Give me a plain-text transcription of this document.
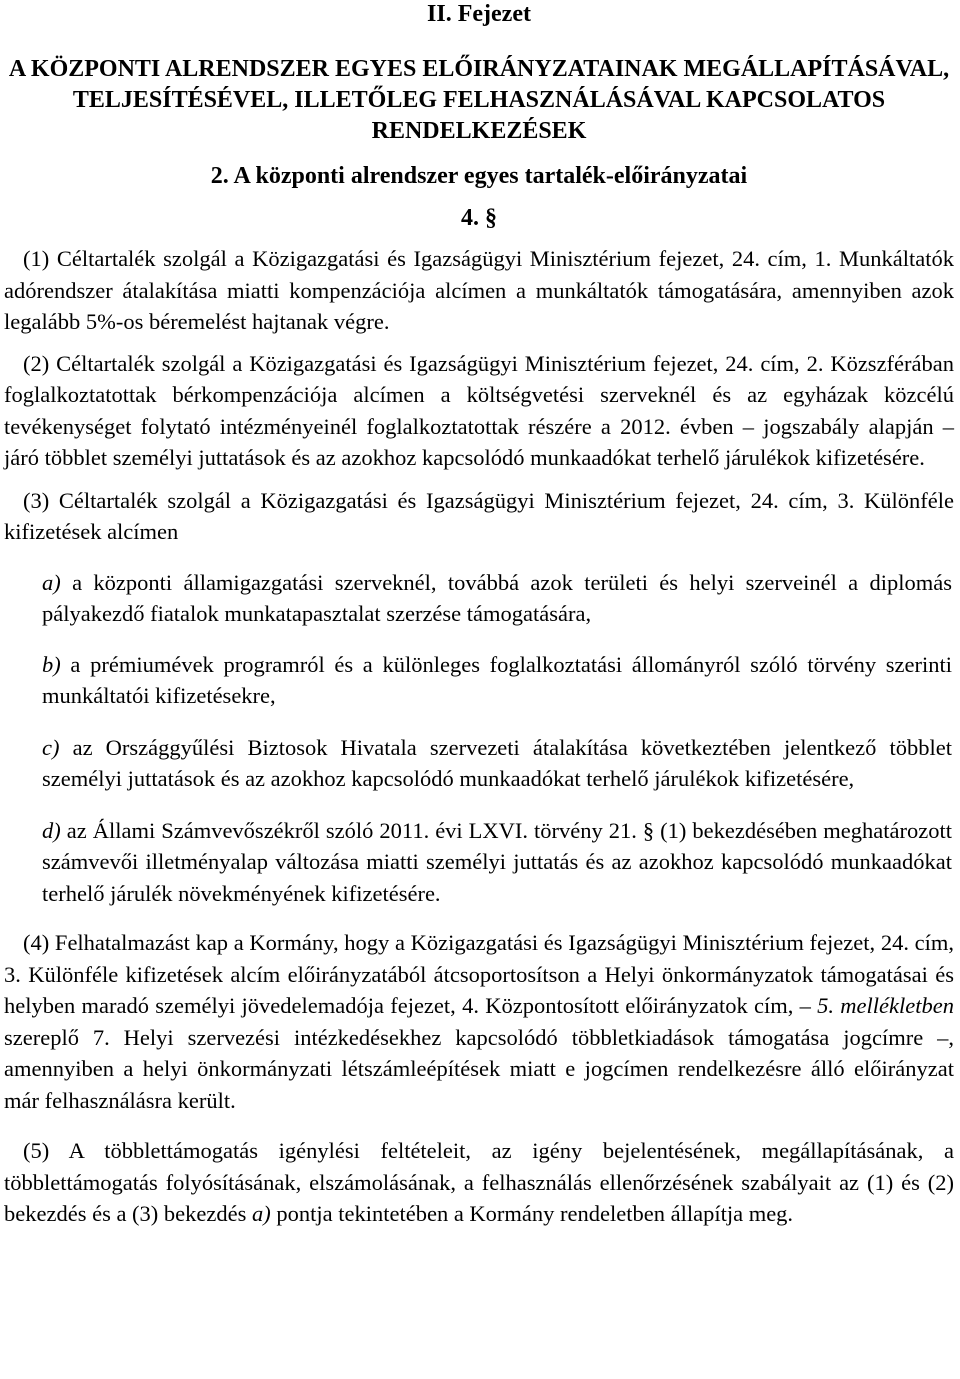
II. Fejezet
A KÖZPONTI ALRENDSZER EGYES ELŐIRÁNYZATAINAK MEGÁLLAPÍTÁSÁVAL, TELJESÍTÉSÉVEL, ILLETŐLEG FELHASZNÁLÁSÁVAL KAPCSOLATOS RENDELKEZÉSEK
2. A központi alrendszer egyes tartalék-előirányzatai
4. §

(1) Céltartalék szolgál a Közigazgatási és Igazságügyi Minisztérium fejezet, 24. cím, 1. Munkáltatók adórendszer átalakítása miatti kompenzációja alcímen a munkáltatók támogatására, amennyiben azok legalább 5%-os béremelést hajtanak végre.

(2) Céltartalék szolgál a Közigazgatási és Igazságügyi Minisztérium fejezet, 24. cím, 2. Közszférában foglalkoztatottak bérkompenzációja alcímen a költségvetési szerveknél és az egyházak közcélú tevékenységet folytató intézményeinél foglalkoztatottak részére a 2012. évben – jogszabály alapján – járó többlet személyi juttatások és az azokhoz kapcsolódó munkaadókat terhelő járulékok kifizetésére.

(3) Céltartalék szolgál a Közigazgatási és Igazságügyi Minisztérium fejezet, 24. cím, 3. Különféle kifizetések alcímen

a) a központi államigazgatási szerveknél, továbbá azok területi és helyi szerveinél a diplomás pályakezdő fiatalok munkatapasztalat szerzése támogatására,
b) a prémiumévek programról és a különleges foglalkoztatási állományról szóló törvény szerinti munkáltatói kifizetésekre,
c) az Országgyűlési Biztosok Hivatala szervezeti átalakítása következtében jelentkező többlet személyi juttatások és az azokhoz kapcsolódó munkaadókat terhelő járulékok kifizetésére,
d) az Állami Számvevőszékről szóló 2011. évi LXVI. törvény 21. § (1) bekezdésében meghatározott számvevői illetményalap változása miatti személyi juttatás és az azokhoz kapcsolódó munkaadókat terhelő járulék növekményének kifizetésére.

(4) Felhatalmazást kap a Kormány, hogy a Közigazgatási és Igazságügyi Minisztérium fejezet, 24. cím, 3. Különféle kifizetések alcím előirányzatából átcsoportosítson a Helyi önkormányzatok támogatásai és helyben maradó személyi jövedelemadója fejezet, 4. Központosított előirányzatok cím, – 5. mellékletben szereplő 7. Helyi szervezési intézkedésekhez kapcsolódó többletkiadások támogatása jogcímre –, amennyiben a helyi önkormányzati létszámleépítések miatt e jogcímen rendelkezésre álló előirányzat már felhasználásra került.

(5) A többlettámogatás igénylési feltételeit, az igény bejelentésének, megállapításának, a többlettámogatás folyósításának, elszámolásának, a felhasználás ellenőrzésének szabályait az (1) és (2) bekezdés és a (3) bekezdés a) pontja tekintetében a Kormány rendeletben állapítja meg.
